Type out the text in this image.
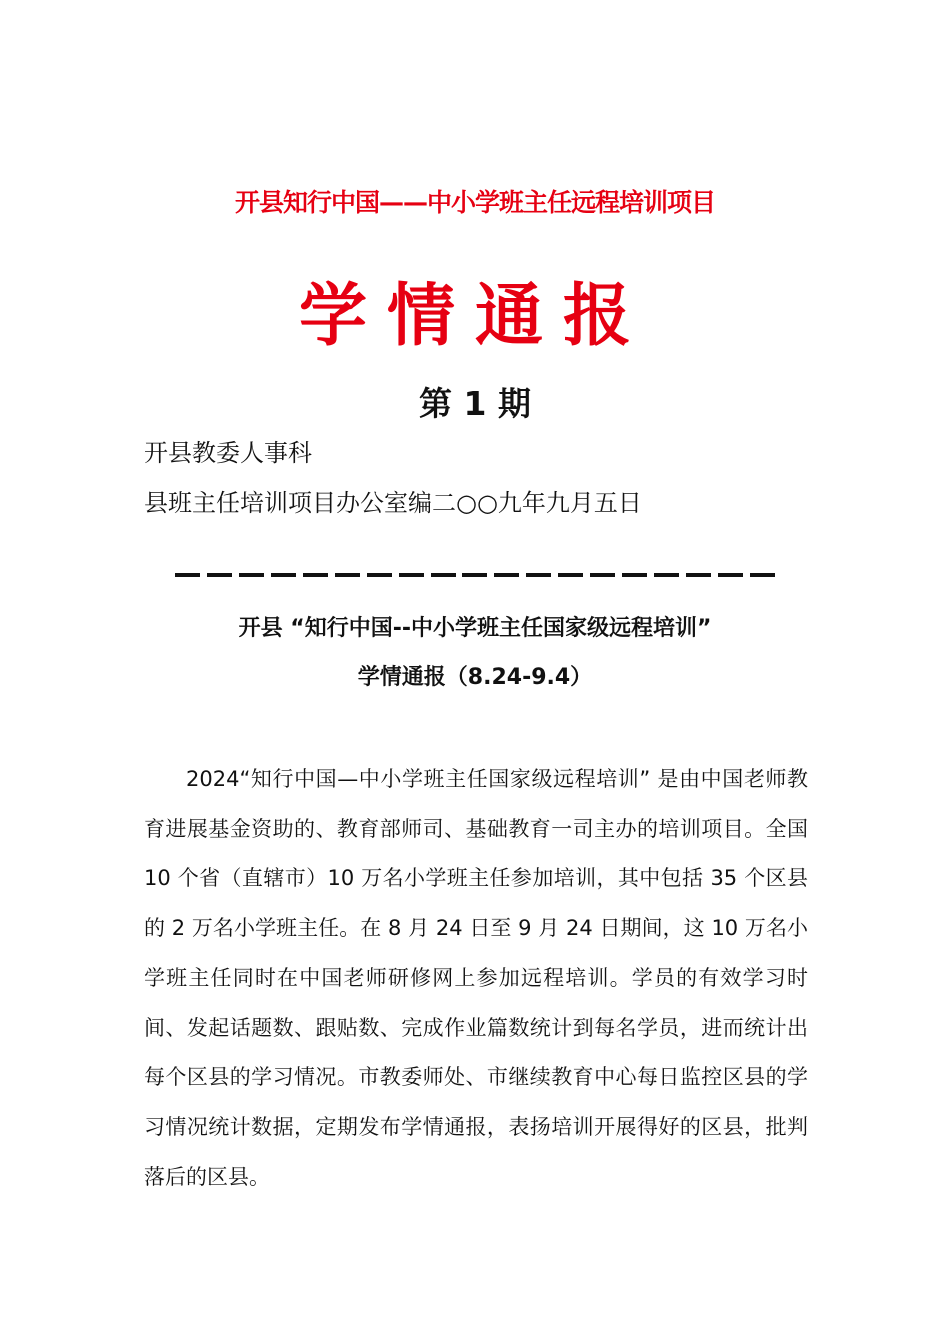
开县知行中国——中小学班主任远程培训项目
学情通报
第 1 期
开县教委人事科
县班主任培训项目办公室编二○○九年九月五日
开县 “知行中国--中小学班主任国家级远程培训”
学情通报（8.24-9.4）
2024“知行中国—中小学班主任国家级远程培训” 是由中国老师教育进展基金资助的、教育部师司、基础教育一司主办的培训项目。全国 10 个省（直辖市）10 万名小学班主任参加培训，其中包括 35 个区县的 2 万名小学班主任。在 8 月 24 日至 9 月 24 日期间，这 10 万名小学班主任同时在中国老师研修网上参加远程培训。学员的有效学习时间、发起话题数、跟贴数、完成作业篇数统计到每名学员，进而统计出每个区县的学习情况。市教委师处、市继续教育中心每日监控区县的学习情况统计数据，定期发布学情通报，表扬培训开展得好的区县，批判落后的区县。
